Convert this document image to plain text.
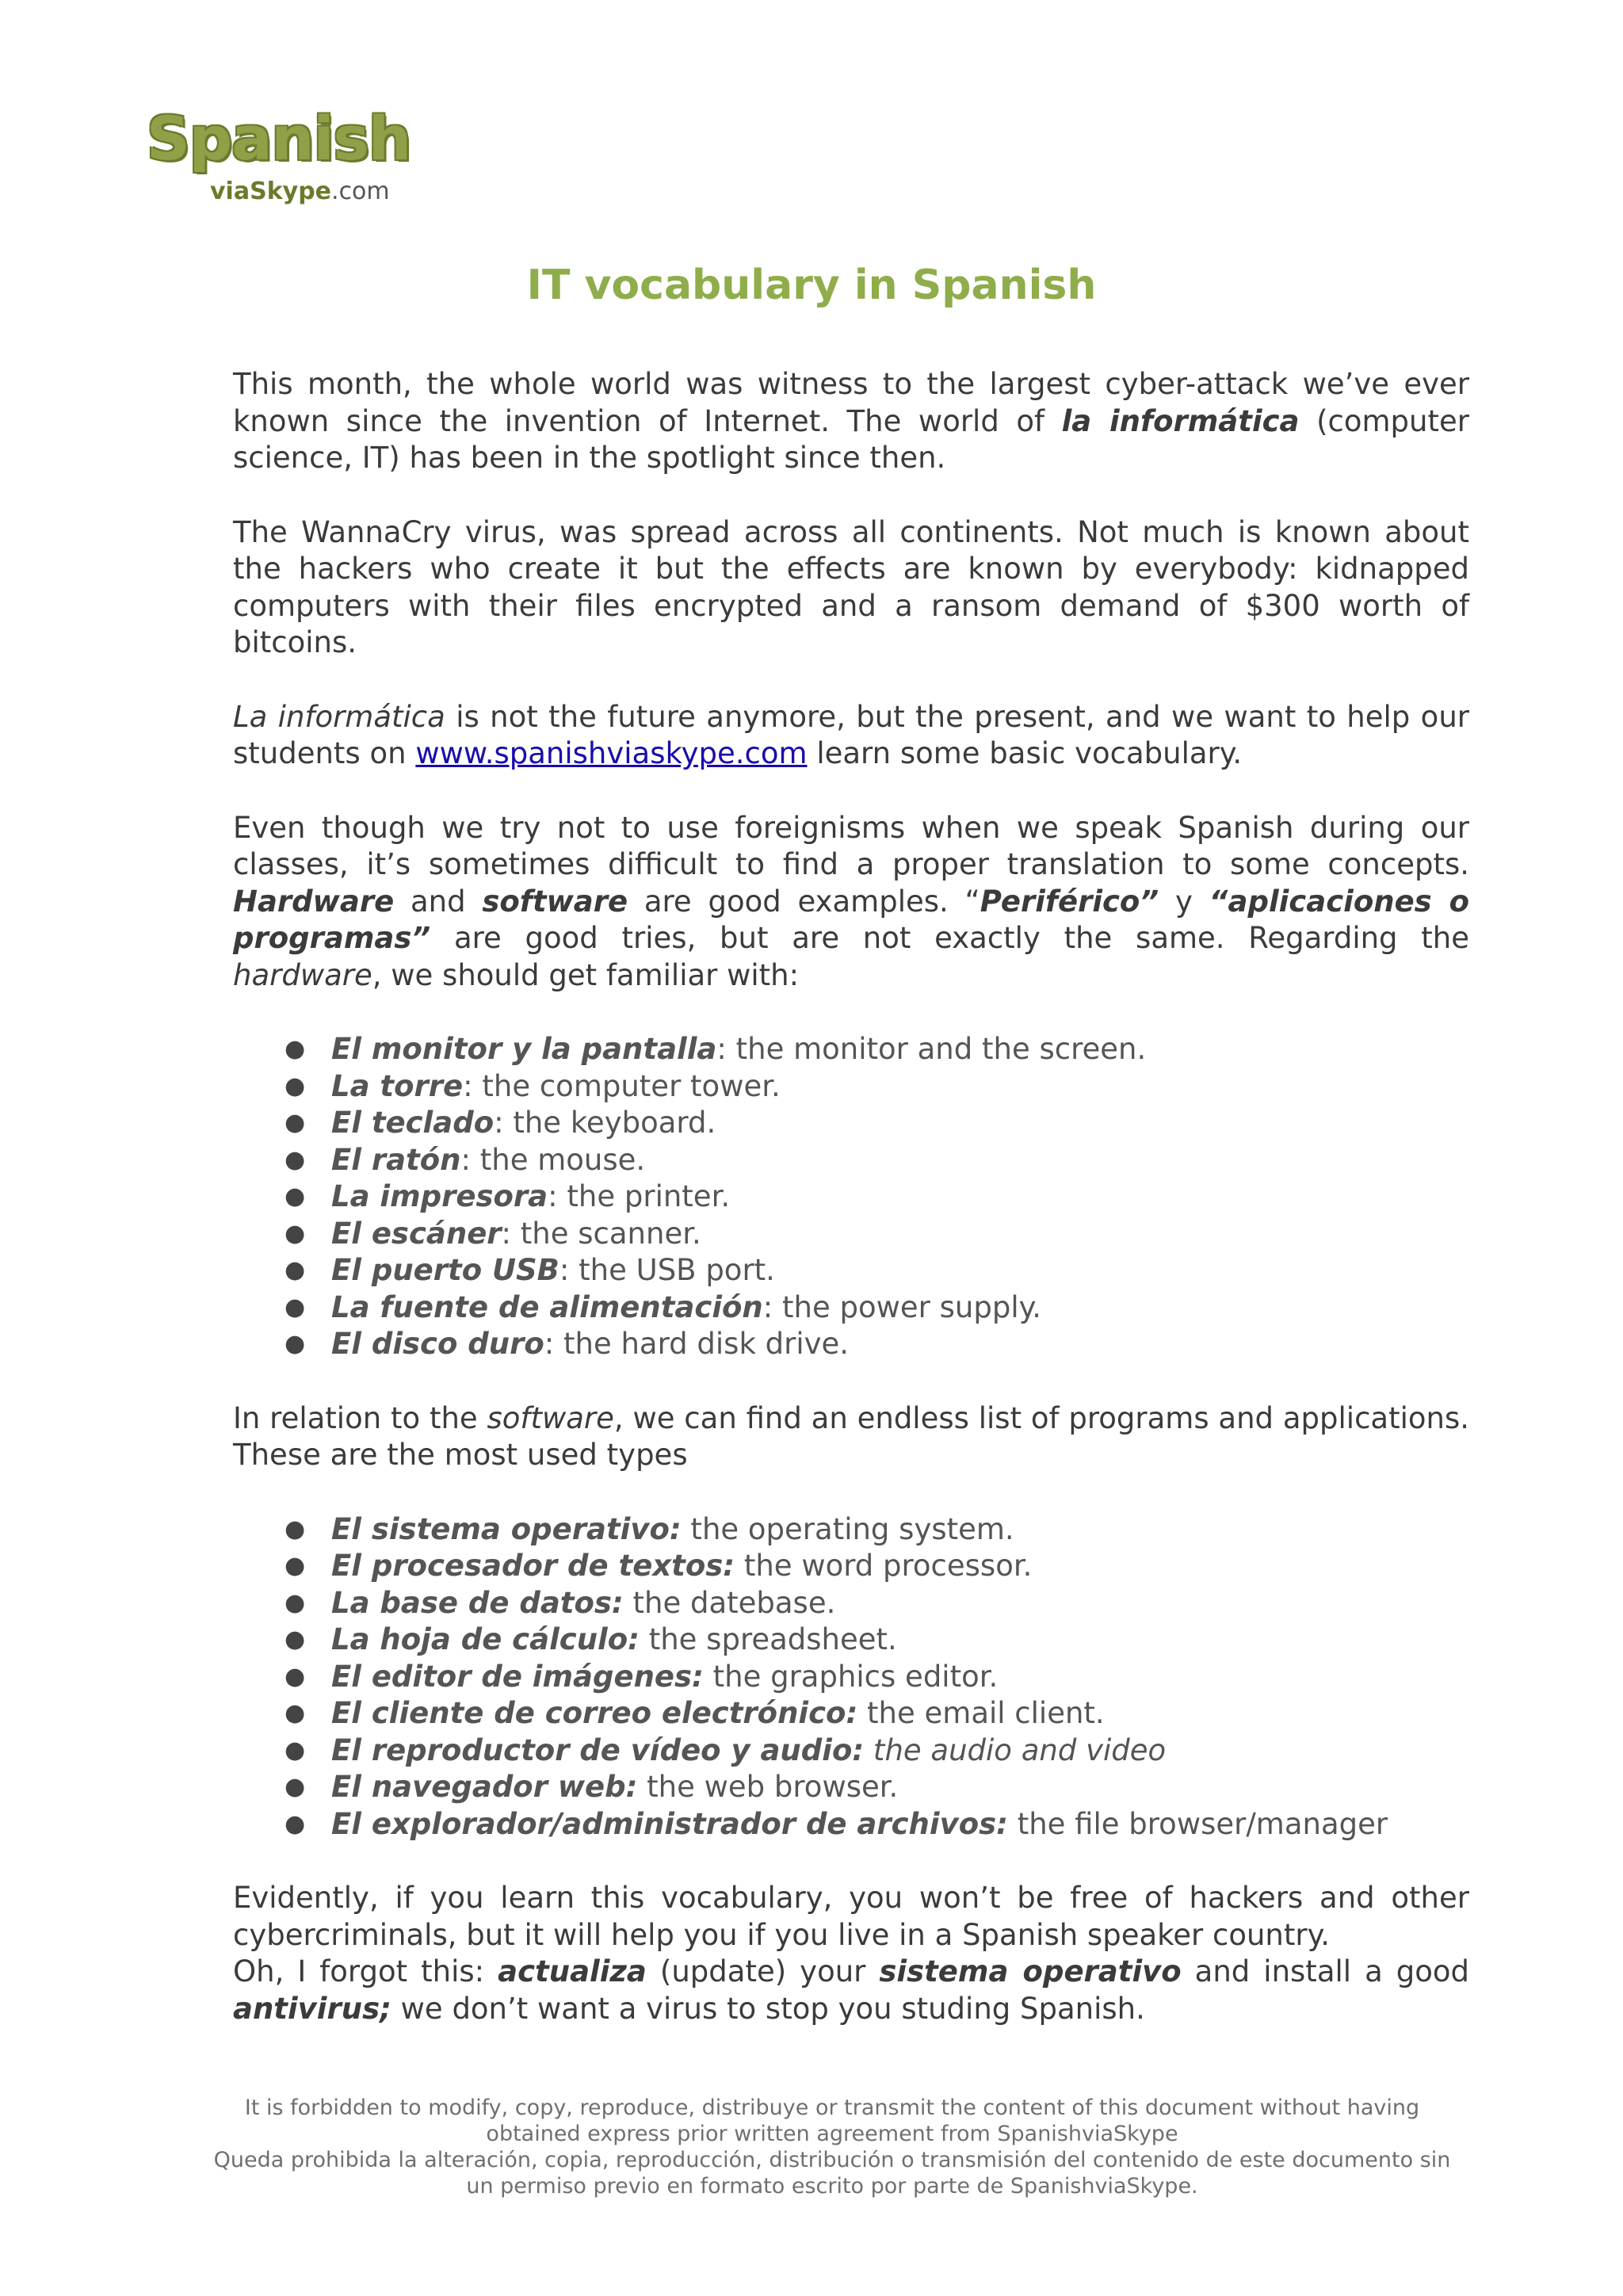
Spanish
viaSkype.com
IT vocabulary in Spanish

This month, the whole world was witness to the largest cyber-attack we’ve ever known since the invention of Internet. The world of la informática (computer science, IT) has been in the spotlight since then.

The WannaCry virus, was spread across all continents. Not much is known about the hackers who create it but the effects are known by everybody: kidnapped computers with their files encrypted and a ransom demand of $300 worth of bitcoins.

La informática is not the future anymore, but the present, and we want to help our students on www.spanishviaskype.com learn some basic vocabulary.

Even though we try not to use foreignisms when we speak Spanish during our classes, it’s sometimes difficult to find a proper translation to some concepts. Hardware and software are good examples. “Periférico” y “aplicaciones o programas” are good tries, but are not exactly the same. Regarding the hardware, we should get familiar with:

● El monitor y la pantalla: the monitor and the screen.
● La torre: the computer tower.
● El teclado: the keyboard.
● El ratón: the mouse.
● La impresora: the printer.
● El escáner: the scanner.
● El puerto USB: the USB port.
● La fuente de alimentación: the power supply.
● El disco duro: the hard disk drive.

In relation to the software, we can find an endless list of programs and applications. These are the most used types

● El sistema operativo: the operating system.
● El procesador de textos: the word processor.
● La base de datos: the datebase.
● La hoja de cálculo: the spreadsheet.
● El editor de imágenes: the graphics editor.
● El cliente de correo electrónico: the email client.
● El reproductor de vídeo y audio: the audio and video
● El navegador web: the web browser.
● El explorador/administrador de archivos: the file browser/manager

Evidently, if you learn this vocabulary, you won’t be free of hackers and other cybercriminals, but it will help you if you live in a Spanish speaker country.

Oh, I forgot this: actualiza (update) your sistema operativo and install a good antivirus; we don’t want a virus to stop you studing Spanish.

It is forbidden to modify, copy, reproduce, distribuye or transmit the content of this document without having obtained express prior written agreement from SpanishviaSkype
Queda prohibida la alteración, copia, reproducción, distribución o transmisión del contenido de este documento sin un permiso previo en formato escrito por parte de SpanishviaSkype.
